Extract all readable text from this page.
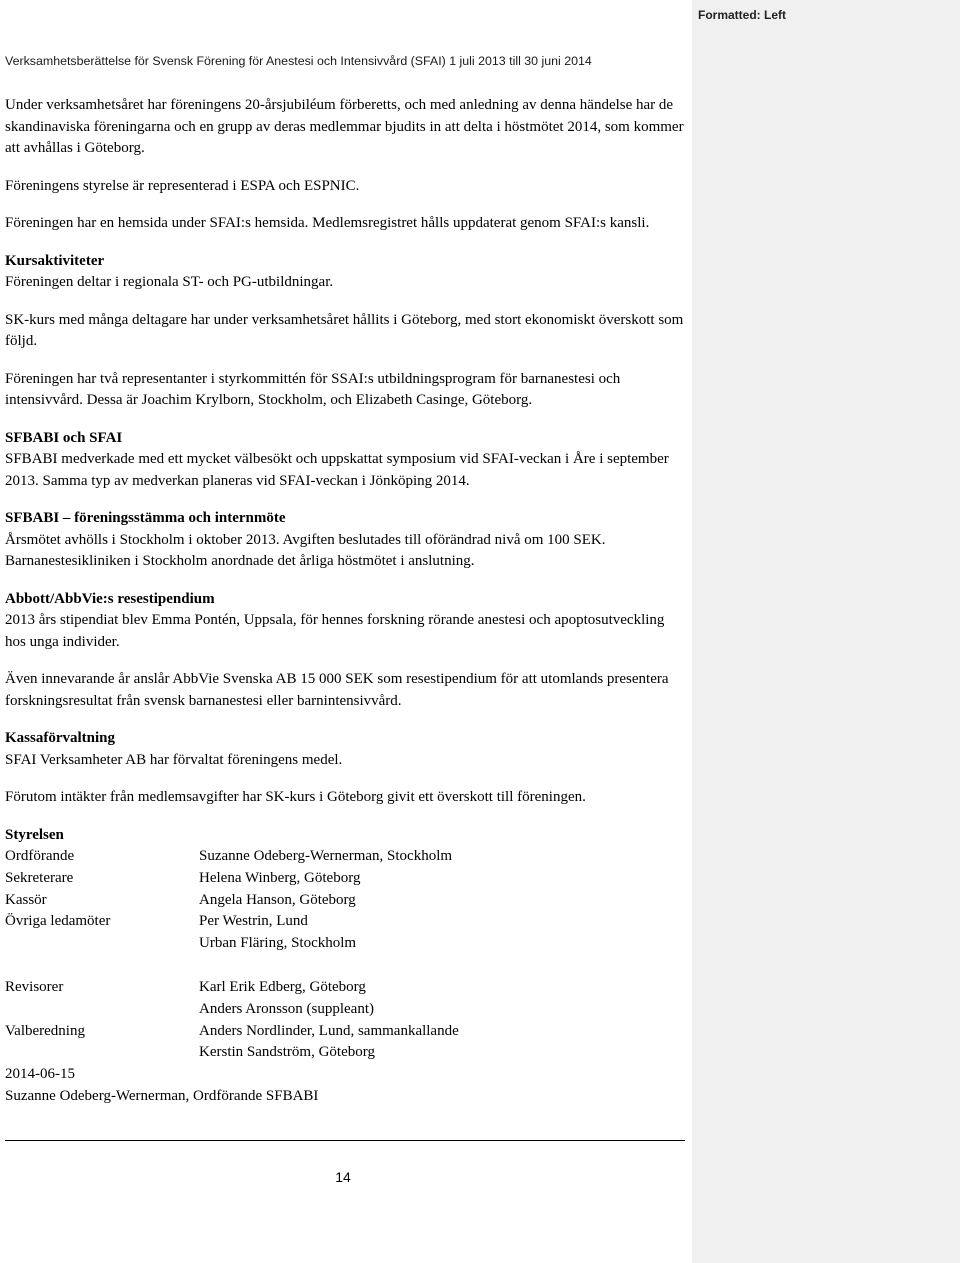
Verksamhetsberättelse för Svensk Förening för Anestesi och Intensivvård (SFAI) 1 juli 2013 till 30 juni 2014
Formatted: Left

Under verksamhetsåret har föreningens 20-årsjubiléum förberetts, och med anledning av denna händelse har de skandinaviska föreningarna och en grupp av deras medlemmar bjudits in att delta i höstmötet 2014, som kommer att avhållas i Göteborg.

Föreningens styrelse är representerad i ESPA och ESPNIC.

Föreningen har en hemsida under SFAI:s hemsida. Medlemsregistret hålls uppdaterat genom SFAI:s kansli.

Kursaktiviteter
Föreningen deltar i regionala ST- och PG-utbildningar.

SK-kurs med många deltagare har under verksamhetsåret hållits i Göteborg, med stort ekonomiskt överskott som följd.

Föreningen har två representanter i styrkommittén för SSAI:s utbildningsprogram för barnanestesi och intensivvård. Dessa är Joachim Krylborn, Stockholm, och Elizabeth Casinge, Göteborg.

SFBABI och SFAI
SFBABI medverkade med ett mycket välbesökt och uppskattat symposium vid SFAI-veckan i Åre i september 2013. Samma typ av medverkan planeras vid SFAI-veckan i Jönköping 2014.

SFBABI – föreningsstämma och internmöte
Årsmötet avhölls i Stockholm i oktober 2013. Avgiften beslutades till oförändrad nivå om 100 SEK. Barnanestesikliniken i Stockholm anordnade det årliga höstmötet i anslutning.

Abbott/AbbVie:s resestipendium
2013 års stipendiat blev Emma Pontén, Uppsala, för hennes forskning rörande anestesi och apoptosutveckling hos unga individer.

Även innevarande år anslår AbbVie Svenska AB 15 000 SEK som resestipendium för att utomlands presentera forskningsresultat från svensk barnanestesi eller barnintensivvård.

Kassaförvaltning
SFAI Verksamheter AB har förvaltat föreningens medel.

Förutom intäkter från medlemsavgifter har SK-kurs i Göteborg givit ett överskott till föreningen.

Styrelsen
Ordförande	Suzanne Odeberg-Wernerman, Stockholm
Sekreterare	Helena Winberg, Göteborg
Kassör	Angela Hanson, Göteborg
Övriga ledamöter	Per Westrin, Lund
Urban Fläring, Stockholm
Revisorer	Karl Erik Edberg, Göteborg
Anders Aronsson (suppleant)
Valberedning	Anders Nordlinder, Lund, sammankallande
Kerstin Sandström, Göteborg
2014-06-15
Suzanne Odeberg-Wernerman, Ordförande SFBABI
14
